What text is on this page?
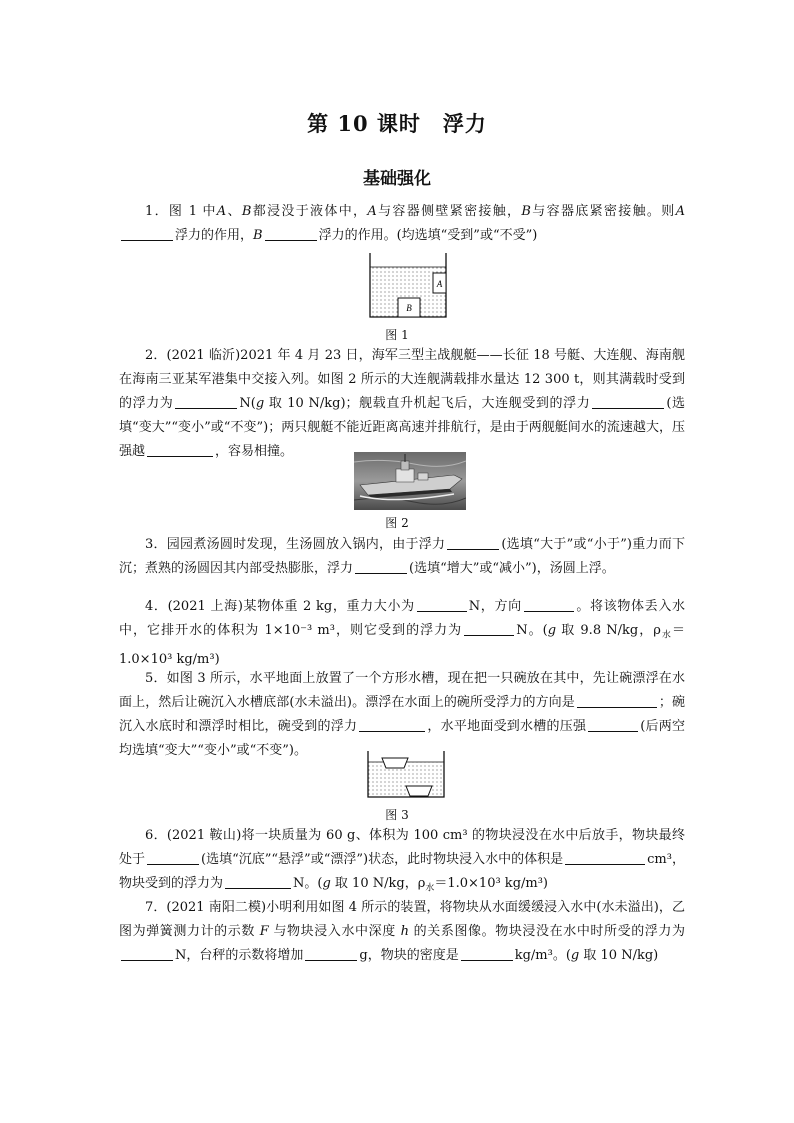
第 10 课时　浮力
基础强化

1．图 1 中A、B都浸没于液体中，A与容器侧壁紧密接触，B与容器底紧密接触。则A浮力的作用，B	浮力的作用。(均选填“受到”或“不受”)

A
B
图 1

2．(2021 临沂)2021 年 4 月 23 日，海军三型主战舰艇——长征 18 号艇、大连舰、海南舰在海南三亚某军港集中交接入列。如图 2 所示的大连舰满载排水量达 12 300 t，则其满载时受到的浮力为	N(g 取 10 N/kg)；舰载直升机起飞后，大连舰受到的浮力	(选填“变大”“变小”或“不变”)；两只舰艇不能近距离高速并排航行，是由于两舰艇间水的流速越大，压强越	，容易相撞。

图 2

3．园园煮汤圆时发现，生汤圆放入锅内，由于浮力	(选填“大于”或“小于”)重力而下沉；煮熟的汤圆因其内部受热膨胀，浮力	(选填“增大”或“减小”)，汤圆上浮。

4．(2021 上海)某物体重 2 kg，重力大小为	N，方向	。将该物体丢入水中，它排开水的体积为 1×10⁻³ m³，则它受到的浮力为	N。(g 取 9.8 N/kg，$\rho_水=1.0\times 10^3$ kg/m³)

5．如图 3 所示，水平地面上放置了一个方形水槽，现在把一只碗放在其中，先让碗漂浮在水面上，然后让碗沉入水槽底部(水未溢出)。漂浮在水面上的碗所受浮力的方向是	；碗沉入水底时和漂浮时相比，碗受到的浮力	，水平地面受到水槽的压强	(后两空均选填“变大”“变小”或“不变”)。

图 3

6．(2021 鞍山)将一块质量为 60 g、体积为 100 cm³ 的物块浸没在水中后放手，物块最终处于	(选填“沉底”“悬浮”或“漂浮”)状态，此时物块浸入水中的体积是	cm³，物块受到的浮力为	N。(g 取 10 N/kg，$\rho_水=1.0\times 10^3$ kg/m³)

7．(2021 南阳二模)小明利用如图 4 所示的装置，将物块从水面缓缓浸入水中(水未溢出)，乙图为弹簧测力计的示数 F 与物块浸入水中深度 h 的关系图像。物块浸没在水中时所受的浮力为N，台秤的示数将增加	g，物块的密度是	kg/m³。(g 取 10 N/kg)
